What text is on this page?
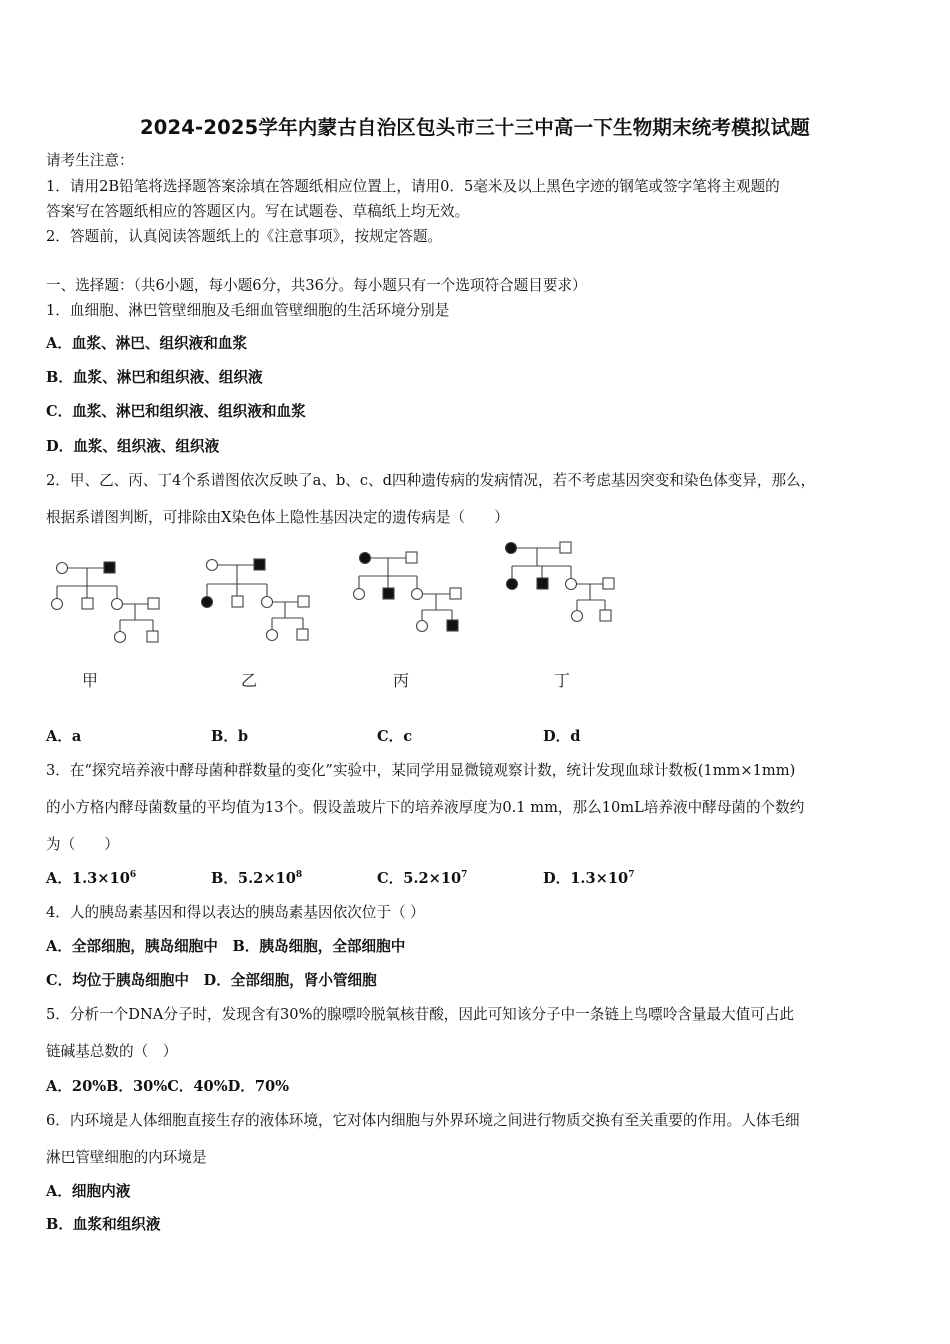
2024-2025学年内蒙古自治区包头市三十三中高一下生物期末统考模拟试题
请考生注意：
1．请用2B铅笔将选择题答案涂填在答题纸相应位置上，请用0．5毫米及以上黑色字迹的钢笔或签字笔将主观题的
答案写在答题纸相应的答题区内。写在试题卷、草稿纸上均无效。
2．答题前，认真阅读答题纸上的《注意事项》，按规定答题。
一、选择题：（共6小题，每小题6分，共36分。每小题只有一个选项符合题目要求）
1．血细胞、淋巴管壁细胞及毛细血管壁细胞的生活环境分别是
A．血浆、淋巴、组织液和血浆
B．血浆、淋巴和组织液、组织液
C．血浆、淋巴和组织液、组织液和血浆
D．血浆、组织液、组织液
2．甲、乙、丙、丁4个系谱图依次反映了a、b、c、d四种遗传病的发病情况，若不考虑基因突变和染色体变异，那么，
根据系谱图判断，可排除由X染色体上隐性基因决定的遗传病是（　　）
甲	乙	丙	丁
A．a	B．b	C．c	D．d
3．在“探究培养液中酵母菌种群数量的变化”实验中，某同学用显微镜观察计数，统计发现血球计数板(1mm×1mm)
的小方格内酵母菌数量的平均值为13个。假设盖玻片下的培养液厚度为0.1 mm，那么10mL培养液中酵母菌的个数约
为（　　）
A．$1.3\times 10^6$	B．$5.2\times 10^8$	C．$5.2\times 10^7$	D．$1.3\times 10^7$
4．人的胰岛素基因和得以表达的胰岛素基因依次位于（ ）
A．全部细胞，胰岛细胞中　B．胰岛细胞，全部细胞中
C．均位于胰岛细胞中　D．全部细胞，肾小管细胞
5．分析一个DNA分子时，发现含有30%的腺嘌呤脱氧核苷酸，因此可知该分子中一条链上鸟嘌呤含量最大值可占此
链碱基总数的（　）
A．20%B．30%C．40%D．70%
6．内环境是人体细胞直接生存的液体环境，它对体内细胞与外界环境之间进行物质交换有至关重要的作用。人体毛细
淋巴管壁细胞的内环境是
A．细胞内液
B．血浆和组织液
